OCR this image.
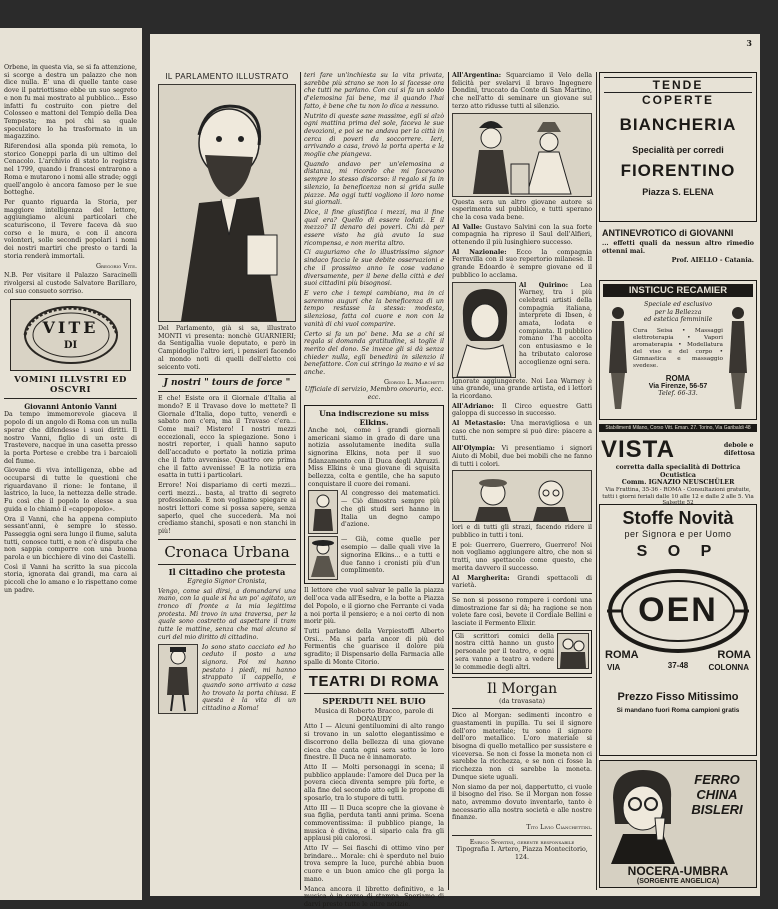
Orbene, in questa via, se si fa attenzione, si scorge a destra un palazzo che non dice nulla. E' una di quelle tante case dove il patriottismo ebbe un suo segreto e non fu mai mostrato al pubblico... Esso infatti fu costruito con pietre del Colosseo e mattoni del Tempio della Dea Tempesta; ma poi chi sa quale speculatore lo ha trasformato in un magazzino.

Riferendosi alla sponda più remota, lo storico Goneppi parla di un ultimo del Cenacolo. L'archivio di stato lo registra nel 1799, quando i francesi entrarono a Roma e mutarono i nomi alle strade; oggi quell'angolo è ancora famoso per le sue botteghe.

Per quanto riguarda la Storia, per maggiore intelligenza del lettore, aggiungiamo alcuni particolari che scaturiscono, il Tevere faceva dà suo corso e le mura, e con il ancora volonteri, solle secondi popolari i nomi dei nostri martiri che presto o tardi la storia renderà immortali.

Gregorio Vite.

N.B. Per visitare il Palazzo Saracinelli rivolgersi al custode Salvatore Barillaro, col suo consueto sorriso.

VITE
DI
VOMINI ILLVSTRI ED OSCVRI
Giovanni Antonio Vanni

Da tempo immemorevole giaceva il popolo di un angolo di Roma con un nulla sperar che difendesse i suoi diritti. Il nostro Vanni, figlio di un oste di Trastevere, nacque in una casetta presso la porta Portese e crebbe tra i barcaioli del fiume.

Giovane di viva intelligenza, ebbe ad occuparsi di tutte le questioni che riguardavano il rione: le fontane, il lastrico, la luce, la nettezza delle strade. Fu così che il popolo lo elesse a sua guida e lo chiamò il «capopopolo».

Ora il Vanni, che ha appena compiuto sessant'anni, è sempre lo stesso. Passeggia ogni sera lungo il fiume, saluta tutti, conosce tutti, e non c'è disputa che non sappia comporre con una buona parola e un bicchiere di vino dei Castelli.

Così il Vanni ha scritto la sua piccola storia, ignorata dai grandi, ma cara ai piccoli che lo amano e lo rispettano come un padre.

3
IL PARLAMENTO ILLUSTRATO

Del Parlamento, già si sa, illustrato MONTI vi presenta: nonchè GUARNIERI; da Sentigallia vuole deputato, e però in Campidoglio l'altro ieri, i pensieri facendo al mondo noti di quelli dell'eletto coi seicento voti.

J nostri " tours de force "

E che! Esiste ora il Giornale d'Italia al mondo? E il Travaso dove lo mettete? Il Giornale d'Italia, dopo tutto, venerdì e sabato non c'era, ma il Travaso c'era... Come mai? Mistero! I nostri mezzi eccezionali, ecco la spiegazione. Sono i nostri reporter, i quali hanno saputo dell'accaduto e portato la notizia prima che il fatto avvenisse. Quattro ore prima che il fatto avvenisse! E la notizia era esatta in tutti i particolari.

Errore! Noi dispariamo di certi mezzi... certi mezzi... basta, al tratto di segreto professionale. E non vogliamo spiegare ai nostri lettori come si possa sapere, senza saperlo, quel che succederà. Ma noi crediamo stanchi, sposati e non stanchi in più!

Cronaca Urbana
Il Cittadino che protesta

Egregio Signor Cronista,

Vengo, come sai dirsi, a domandarvi una mano, con la quale si ha un po' agitato, un tronco di fronte a la mia legittima protesta. Mi trovo in una traversa, per la quale sono costretto ad aspettare il tram tutte le mattine, senza che mai alcuno si curi del mio diritto di cittadino.

Io sono stato cacciato ed ho ceduto il posto a una signora. Poi mi hanno pestato i piedi, mi hanno strappato il cappello, e quando sono arrivato a casa ho trovato la porta chiusa. E questa è la vita di un cittadino a Roma!

teri fare un'inchiesta su la vita privata, sarebbe più strano se non lo si facesse ora che tutti ne parlano. Con cui si fa un soldo d'elemosina fai bene, ma il quando l'hai fatto, è bene che tu non lo dica a nessuno.

Nutrito di queste sane massime, egli si alzò ogni mattina prima del sole, faceva le sue devozioni, e poi se ne andava per la città in cerca di poveri da soccorrere. Ieri, arrivando a casa, trovò la porta aperta e la moglie che piangeva.

Quando andavo per un'elemosina a distanza, mi ricordo che mi facevano sempre lo stesso discorso: il regalo si fa in silenzio, la beneficenza non si grida sulle piazze. Ma oggi tutti vogliono il loro nome sui giornali.

Dice, il fine giustifica i mezzi, ma il fine qual era? Quello di essere lodati. E il mezzo? Il denaro dei poveri. Chi dà per essere visto ha già avuto la sua ricompensa, e non merita altro.

Ci auguriamo che lo illustrissimo signor sindaco faccia le sue debite osservazioni e che il prossimo anno le cose vadano diversamente, per il bene della città e dei suoi cittadini più bisognosi.

E vero che i tempi cambiano, ma in ci saremmo auguri che la beneficenza di un tempo restasse la stessa: modesta, silenziosa, fatta col cuore e non con la vanità di chi vuol comparire.

Certo si fa un po' bene. Ma se a chi si regala si domanda gratitudine, si toglie il merito del dono. Se invece gli si dà senza chieder nulla, egli benedirà in silenzio il benefattore. Con cui stringo la mano e vi sa anche.

Giorgio L. Marchetti

Ufficiale di servizio, Membro onorario, ecc. ecc.

Una indiscrezione su miss Elkins.

Anche noi, come i grandi giornali americani siamo in grado di dare una notizia assolutamente inedita sulla signorina Elkins, nota per il suo fidanzamento con il Duca degli Abruzzi. Miss Elkins è una giovane di squisita bellezza, colta e gentile, che ha saputo conquistare il cuore dei romani.

Al congresso dei matematici. — Ciò dimostra sempre più che gli studi seri hanno in Italia un degno campo d'azione.

— Già, come quelle per esempio — dalle quali vive la signorina Elkins... e a tutti e due fanno i cronisti più d'un complimento.

Il lettore che vuol salvar le palle la piazza dell'oca vada all'Esedra, e la botte a Piazza del Popolo, e il giorno che Ferrante ci vada a noi porta il pensiero; e a noi certo di non morir più.

Tutti parlano della Verpiestoffi Alberto Orsi... Ma si parla ancor di più del Fermentis che guarisce il dolore più sgradito; il Dispensario della Farmacia alle spalle di Monte Citorio.

TEATRI DI ROMA
SPERDUTI NEL BUIO
Musica di Roberto Bracco, parole di DONAUDY

Atto I — Alcuni gentiluomini di alto rango si trovano in un salotto elegantissimo e discorrono della bellezza di una giovane cieca che canta ogni sera sotto le loro finestre. Il Duca ne è innamorato.

Atto II — Molti personaggi in scena; il pubblico applaude: l'amore del Duca per la povera cieca diventa sempre più forte, e alla fine del secondo atto egli le propone di sposarlo, tra lo stupore di tutti.

Atto III — Il Duca scopre che la giovane è sua figlia, perduta tanti anni prima. Scena commoventissima: il pubblico piange, la musica è divina, e il sipario cala fra gli applausi più calorosi.

Atto IV — Sei fiaschi di ottimo vino per brindare... Morale: chi è sperduto nel buio trova sempre la luce, purché abbia buon cuore e un buon amico che gli porga la mano.

Manca ancora il libretto definitivo, e la musica è in corso di stampa. Speriamo di darvi presto tutte le altre notizie.

All'Argentina: Squarciamo il Velo della felicità per svelarvi il bravo Ingegnere Dondini, truccato da Conte di San Martino, che nell'atto di seminare un giovane sul terzo atto ridusse tutti al silenzio.

Questa sera un altro giovane autore si esperimenta sul pubblico, e tutti sperano che la cosa vada bene.

Al Valle: Gustavo Salvini con la sua forte compagnia ha ripreso il Saul dell'Alfieri, ottenendo il più lusinghiero successo.

Al Nazionale: Ecco la compagnia Ferravilla con il suo repertorio milanese. Il grande Edoardo è sempre giovane ed il pubblico lo acclama.

Al Quirino: Lea Warney, tra i più celebrati artisti della compagnia italiana, interprete di Ibsen, è amata, lodata e compianta. Il pubblico romano l'ha accolta con entusiasmo e le ha tributato calorose accoglienze ogni sera.

Ignorate aggiungerete. Noi Lea Warney è una grande, una grande artista, ed i lettori la ricordano.

All'Adriano: Il Circo equestre Gatti galoppa di successo in successo.

Al Metastasio: Una meravigliosa e un caso che non sempre si può dire: piacere a tutti.

All'Olympia: Vi presentiamo i signori Aiuto di Mobil, due bei mobili che ne fanno di tutti i colori.

lori e di tutti gli strazi, facendo ridere il pubblico in tutti i toni.

E poi: Guerrero, Guerrero, Guerrero! Noi non vogliamo aggiungere altro, che non si tratti, uno spettacolo come questo, che merita davvero il successo.

Al Margherita: Grandi spettacoli di varietà.

Se non si possono rompere i cordoni una dimostrazione far si dà; ha ragione se non volete fare così, bevete il Cordiale Bellini e lasciate il Fermento Elixir.

Gli scrittori comici della nostra città hanno un gusto personale per il teatro, e ogni sera vanno a teatro a vedere le commedie degli altri.

Il Morgan
(da travasata)

Dico al Morgan: sedimenti incontro e guastamenti in pupilla. Tu sei il signore dell'oro materiale; tu sono il signore dell'oro metallico. L'oro materiale si bisogna di quello metallico per sussistere e viceversa. Se non ci fosse la moneta non ci sarebbe la ricchezza, e se non ci fosse la ricchezza non ci sarebbe la moneta. Dunque siete uguali.

Non siamo da per noi, dappertutto, ci vuole il bisogno del riso. Se il Morgan non fosse nato, avremmo dovuto inventarlo, tanto è necessario alla nostra società e alle nostre finanze.

Tito Livio Cianchettini.

Enrico Sportini, gerente responsabile

Tipografia I. Artero, Piazza Montecitorio, 124.

TENDE
COPERTE
BIANCHERIA
Specialità per corredi
FIORENTINO
Piazza S. ELENA
ANTINEVROTICO di GIOVANNI

... effetti quali da nessun altro rimedio ottenni mai.

Prof. AIELLO - Catania.

INSTICUC RECAMIER
Speciale ed esclusivo
per la Bellezza
ed estetica femminile

Cura Seisa • Massaggi elettroterapia • Vapori aromaterapia • Modellatura del viso e del corpo • Gimnastica e massaggio svedese.

ROMA
Via Firenze, 56-57
Telef. 66-33.
Stabilimenti Milano, Corso Vitt. Eman. 27. Torino, Via Garibaldi 48
VISTA	debole e
difettosa
corretta dalla specialità di Dottrica Ocutistica
Comm. IGNAZIO NEUSCHÜLER
Via Frattina, 35-36 - ROMA - Consultazioni gratuite, tutti i giorni feriali dalle 10 alle 12 e dalle 2 alle 5. Via Salsette 52
Stoffe Novità
per Signora e per Uomo
S O P
OEN
ROMA	ROMA
VIA	37-48	COLONNA
Prezzo Fisso Mitissimo
Si mandano fuori Roma campioni gratis
FERRO
CHINA
BISLERI
NOCERA-UMBRA
(SORGENTE ANGELICA)
